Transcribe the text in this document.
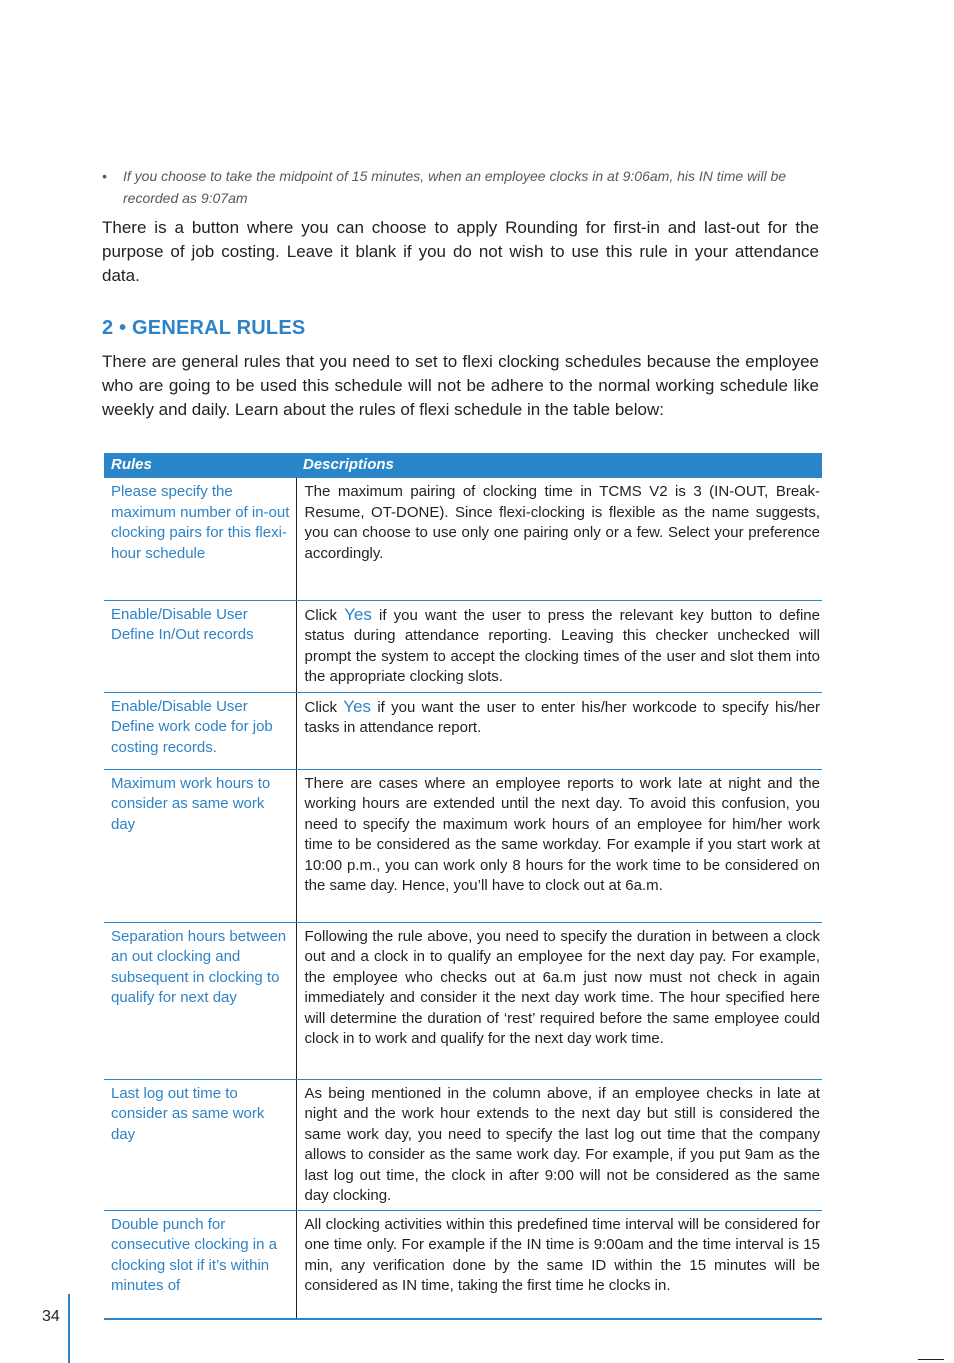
• If you choose to take the midpoint of 15 minutes, when an employee clocks in at 9:06am, his IN time will be recorded as 9:07am
There is a button where you can choose to apply Rounding for first-in and last-out for the purpose of job costing. Leave it blank if you do not wish to use this rule in your attendance data.
2 • GENERAL RULES
There are general rules that you need to set to flexi clocking schedules because the employee who are going to be used this schedule will not be adhere to the normal working schedule like weekly and daily. Learn about the rules of flexi schedule in the table below:
Rules	Descriptions
Please specify the maximum number of in-out clocking pairs for this flexi-hour schedule	The maximum pairing of clocking time in TCMS V2 is 3 (IN-OUT, Break-Resume, OT-DONE). Since flexi-clocking is flexible as the name suggests, you can choose to use only one pairing only or a few. Select your preference accordingly.
Enable/Disable User Define In/Out records	Click Yes if you want the user to press the relevant key button to define status during attendance reporting. Leaving this checker unchecked will prompt the system to accept the clocking times of the user and slot them into the appropriate clocking slots.
Enable/Disable User Define work code for job costing records.	Click Yes if you want the user to enter his/her workcode to specify his/her tasks in attendance report.
Maximum work hours to consider as same work day	There are cases where an employee reports to work late at night and the working hours are extended until the next day. To avoid this confusion, you need to specify the maximum work hours of an employee for him/her work time to be considered as the same workday. For example if you start work at 10:00 p.m., you can work only 8 hours for the work time to be considered on the same day. Hence, you’ll have to clock out at 6a.m.
Separation hours between an out clocking and subsequent in clocking to qualify for next day	Following the rule above, you need to specify the duration in between a clock out and a clock in to qualify an employee for the next day pay. For example, the employee who checks out at 6a.m just now must not check in again immediately and consider it the next day work time. The hour specified here will determine the duration of ‘rest’ required before the same employee could clock in to work and qualify for the next day work time.
Last log out time to consider as same work day	As being mentioned in the column above, if an employee checks in late at night and the work hour extends to the next day but still is considered the same work day, you need to specify the last log out time that the company allows to consider as the same work day. For example, if you put 9am as the last log out time, the clock in after 9:00 will not be considered as the same day clocking.
Double punch for consecutive clocking in a clocking slot if it’s within minutes of	All clocking activities within this predefined time interval will be considered for one time only. For example if the IN time is 9:00am and the time interval is 15 min, any verification done by the same ID within the 15 minutes will be considered as IN time, taking the first time he clocks in.
34
